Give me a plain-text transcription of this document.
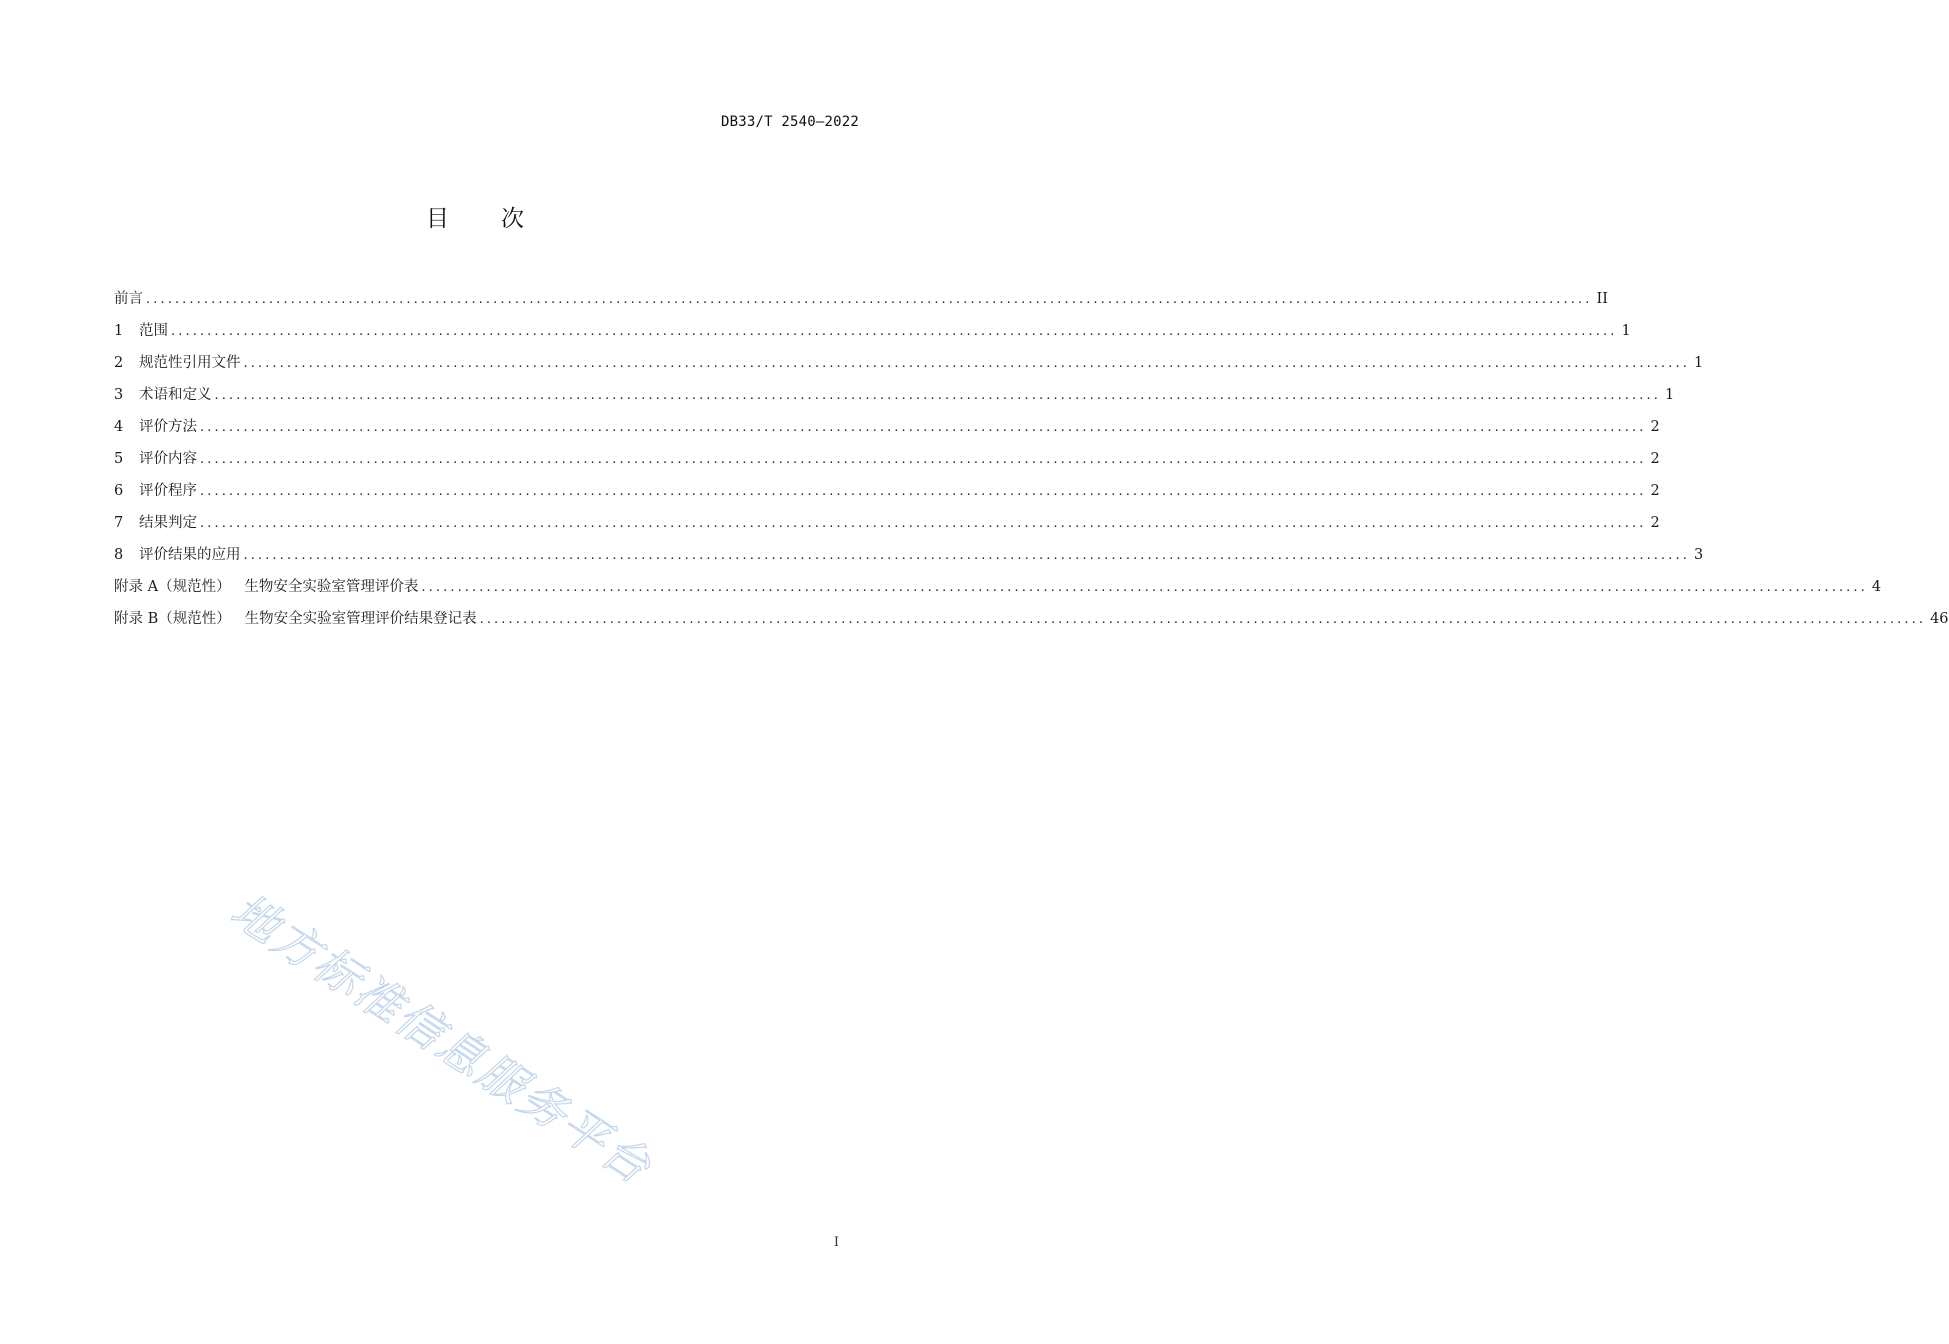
DB33/T 2540—2022
目 次
前言 ........................................................................................................................................................................................................ II
1	范围 ........................................................................................................................................................................................................ 1
2	规范性引用文件 ........................................................................................................................................................................................................ 1
3	术语和定义 ........................................................................................................................................................................................................ 1
4	评价方法 ........................................................................................................................................................................................................ 2
5	评价内容 ........................................................................................................................................................................................................ 2
6	评价程序 ........................................................................................................................................................................................................ 2
7	结果判定 ........................................................................................................................................................................................................ 2
8	评价结果的应用 ........................................................................................................................................................................................................ 3
附录 A（规范性）   生物安全实验室管理评价表 ........................................................................................................................................................................................................ 4
附录 B（规范性）   生物安全实验室管理评价结果登记表 ........................................................................................................................................................................................................ 46
地方标准信息服务平台
I
